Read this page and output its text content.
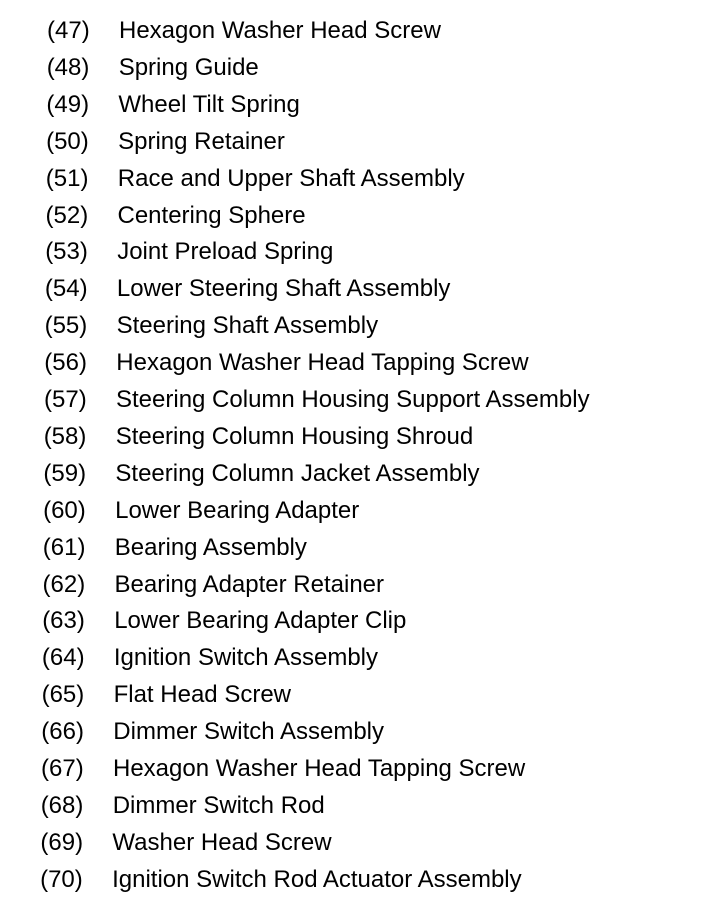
(47) Hexagon Washer Head Screw
(48) Spring Guide
(49) Wheel Tilt Spring
(50) Spring Retainer
(51) Race and Upper Shaft Assembly
(52) Centering Sphere
(53) Joint Preload Spring
(54) Lower Steering Shaft Assembly
(55) Steering Shaft Assembly
(56) Hexagon Washer Head Tapping Screw
(57) Steering Column Housing Support Assembly
(58) Steering Column Housing Shroud
(59) Steering Column Jacket Assembly
(60) Lower Bearing Adapter
(61) Bearing Assembly
(62) Bearing Adapter Retainer
(63) Lower Bearing Adapter Clip
(64) Ignition Switch Assembly
(65) Flat Head Screw
(66) Dimmer Switch Assembly
(67) Hexagon Washer Head Tapping Screw
(68) Dimmer Switch Rod
(69) Washer Head Screw
(70) Ignition Switch Rod Actuator Assembly
